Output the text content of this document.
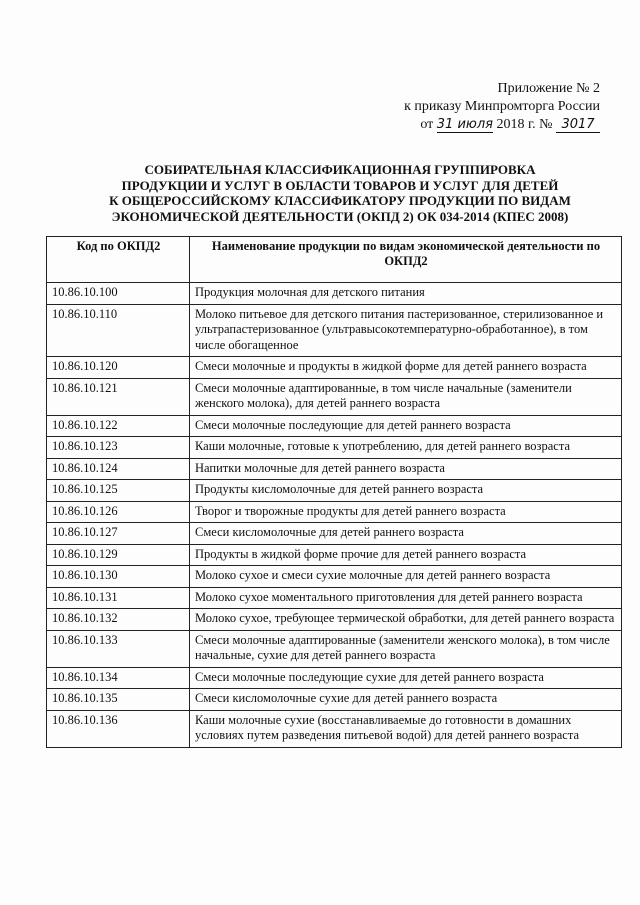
Приложение № 2
к приказу Минпромторга России
от 31 июля 2018 г. № 3017
СОБИРАТЕЛЬНАЯ КЛАССИФИКАЦИОННАЯ ГРУППИРОВКА
ПРОДУКЦИИ И УСЛУГ В ОБЛАСТИ ТОВАРОВ И УСЛУГ ДЛЯ ДЕТЕЙ
К ОБЩЕРОССИЙСКОМУ КЛАССИФИКАТОРУ ПРОДУКЦИИ ПО ВИДАМ
ЭКОНОМИЧЕСКОЙ ДЕЯТЕЛЬНОСТИ (ОКПД 2) ОК 034-2014 (КПЕС 2008)
Код по ОКПД2	Наименование продукции по видам экономической деятельности по ОКПД2
10.86.10.100	Продукция молочная для детского питания
10.86.10.110	Молоко питьевое для детского питания пастеризованное, стерилизованное и ультрапастеризованное (ультравысокотемпературно-обработанное), в том числе обогащенное
10.86.10.120	Смеси молочные и продукты в жидкой форме для детей раннего возраста
10.86.10.121	Смеси молочные адаптированные, в том числе начальные (заменители женского молока), для детей раннего возраста
10.86.10.122	Смеси молочные последующие для детей раннего возраста
10.86.10.123	Каши молочные, готовые к употреблению, для детей раннего возраста
10.86.10.124	Напитки молочные для детей раннего возраста
10.86.10.125	Продукты кисломолочные для детей раннего возраста
10.86.10.126	Творог и творожные продукты для детей раннего возраста
10.86.10.127	Смеси кисломолочные для детей раннего возраста
10.86.10.129	Продукты в жидкой форме прочие для детей раннего возраста
10.86.10.130	Молоко сухое и смеси сухие молочные для детей раннего возраста
10.86.10.131	Молоко сухое моментального приготовления для детей раннего возраста
10.86.10.132	Молоко сухое, требующее термической обработки, для детей раннего возраста
10.86.10.133	Смеси молочные адаптированные (заменители женского молока), в том числе начальные, сухие для детей раннего возраста
10.86.10.134	Смеси молочные последующие сухие для детей раннего возраста
10.86.10.135	Смеси кисломолочные сухие для детей раннего возраста
10.86.10.136	Каши молочные сухие (восстанавливаемые до готовности в домашних условиях путем разведения питьевой водой) для детей раннего возраста
